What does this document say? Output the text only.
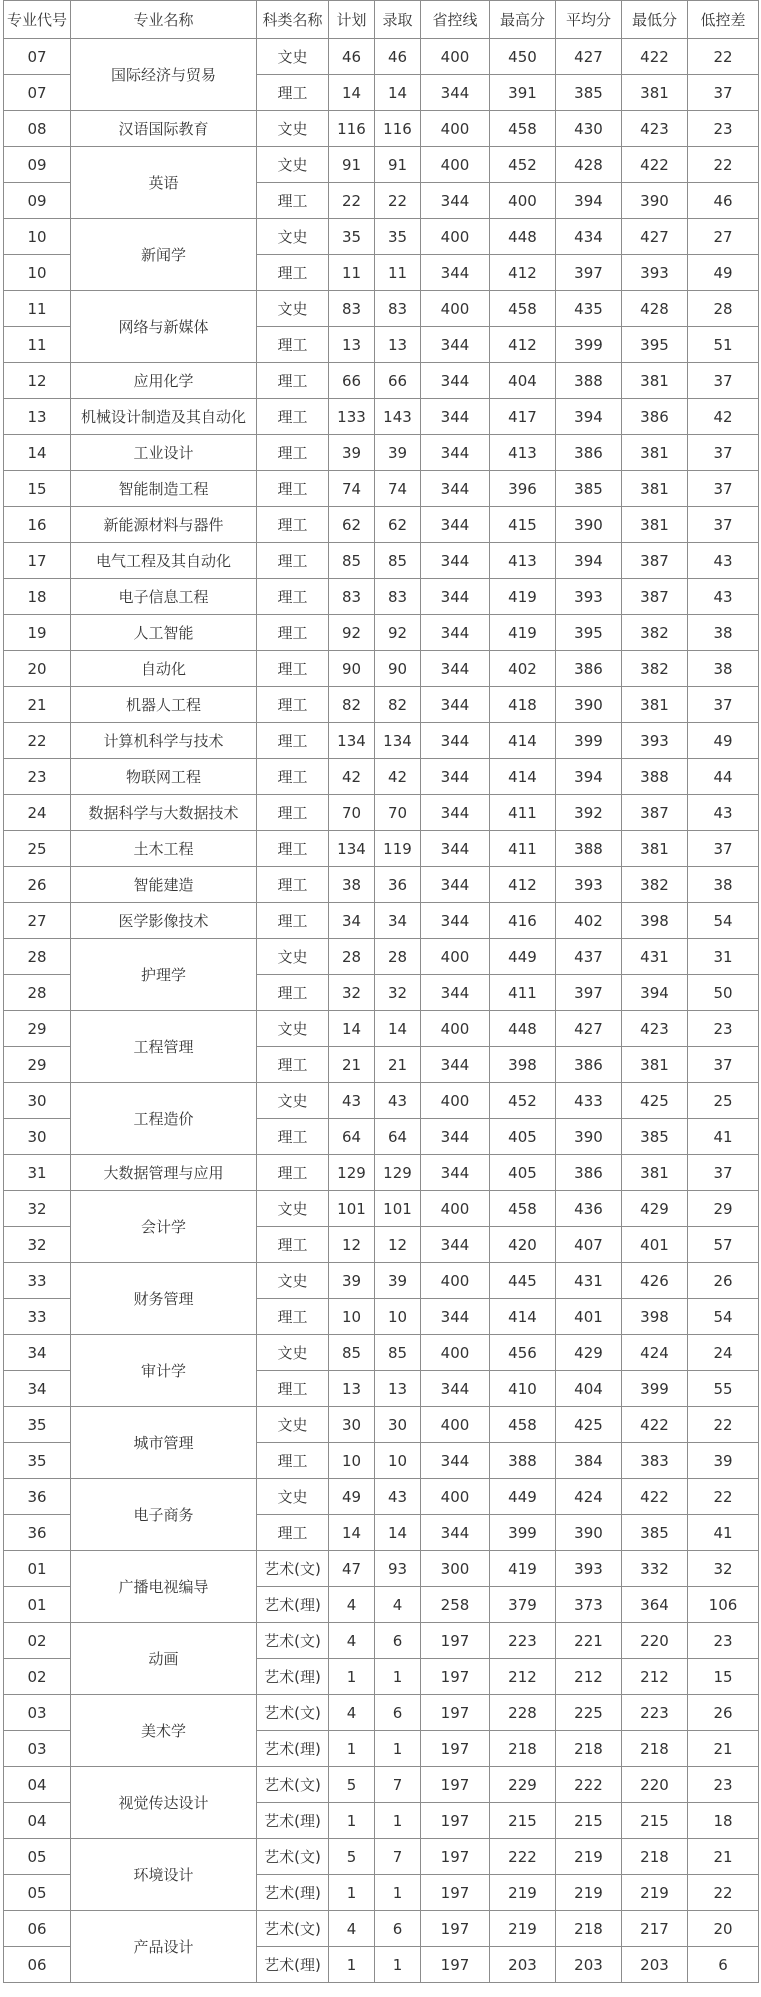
专业代号	专业名称	科类名称	计划	录取	省控线	最高分	平均分	最低分	低控差
07	国际经济与贸易	文史	46	46	400	450	427	422	22
07		理工	14	14	344	391	385	381	37
08	汉语国际教育	文史	116	116	400	458	430	423	23
09	英语	文史	91	91	400	452	428	422	22
09		理工	22	22	344	400	394	390	46
10	新闻学	文史	35	35	400	448	434	427	27
10		理工	11	11	344	412	397	393	49
11	网络与新媒体	文史	83	83	400	458	435	428	28
11		理工	13	13	344	412	399	395	51
12	应用化学	理工	66	66	344	404	388	381	37
13	机械设计制造及其自动化	理工	133	143	344	417	394	386	42
14	工业设计	理工	39	39	344	413	386	381	37
15	智能制造工程	理工	74	74	344	396	385	381	37
16	新能源材料与器件	理工	62	62	344	415	390	381	37
17	电气工程及其自动化	理工	85	85	344	413	394	387	43
18	电子信息工程	理工	83	83	344	419	393	387	43
19	人工智能	理工	92	92	344	419	395	382	38
20	自动化	理工	90	90	344	402	386	382	38
21	机器人工程	理工	82	82	344	418	390	381	37
22	计算机科学与技术	理工	134	134	344	414	399	393	49
23	物联网工程	理工	42	42	344	414	394	388	44
24	数据科学与大数据技术	理工	70	70	344	411	392	387	43
25	土木工程	理工	134	119	344	411	388	381	37
26	智能建造	理工	38	36	344	412	393	382	38
27	医学影像技术	理工	34	34	344	416	402	398	54
28	护理学	文史	28	28	400	449	437	431	31
28		理工	32	32	344	411	397	394	50
29	工程管理	文史	14	14	400	448	427	423	23
29		理工	21	21	344	398	386	381	37
30	工程造价	文史	43	43	400	452	433	425	25
30		理工	64	64	344	405	390	385	41
31	大数据管理与应用	理工	129	129	344	405	386	381	37
32	会计学	文史	101	101	400	458	436	429	29
32		理工	12	12	344	420	407	401	57
33	财务管理	文史	39	39	400	445	431	426	26
33		理工	10	10	344	414	401	398	54
34	审计学	文史	85	85	400	456	429	424	24
34		理工	13	13	344	410	404	399	55
35	城市管理	文史	30	30	400	458	425	422	22
35		理工	10	10	344	388	384	383	39
36	电子商务	文史	49	43	400	449	424	422	22
36		理工	14	14	344	399	390	385	41
01	广播电视编导	艺术(文)	47	93	300	419	393	332	32
01		艺术(理)	4	4	258	379	373	364	106
02	动画	艺术(文)	4	6	197	223	221	220	23
02		艺术(理)	1	1	197	212	212	212	15
03	美术学	艺术(文)	4	6	197	228	225	223	26
03		艺术(理)	1	1	197	218	218	218	21
04	视觉传达设计	艺术(文)	5	7	197	229	222	220	23
04		艺术(理)	1	1	197	215	215	215	18
05	环境设计	艺术(文)	5	7	197	222	219	218	21
05		艺术(理)	1	1	197	219	219	219	22
06	产品设计	艺术(文)	4	6	197	219	218	217	20
06		艺术(理)	1	1	197	203	203	203	6
